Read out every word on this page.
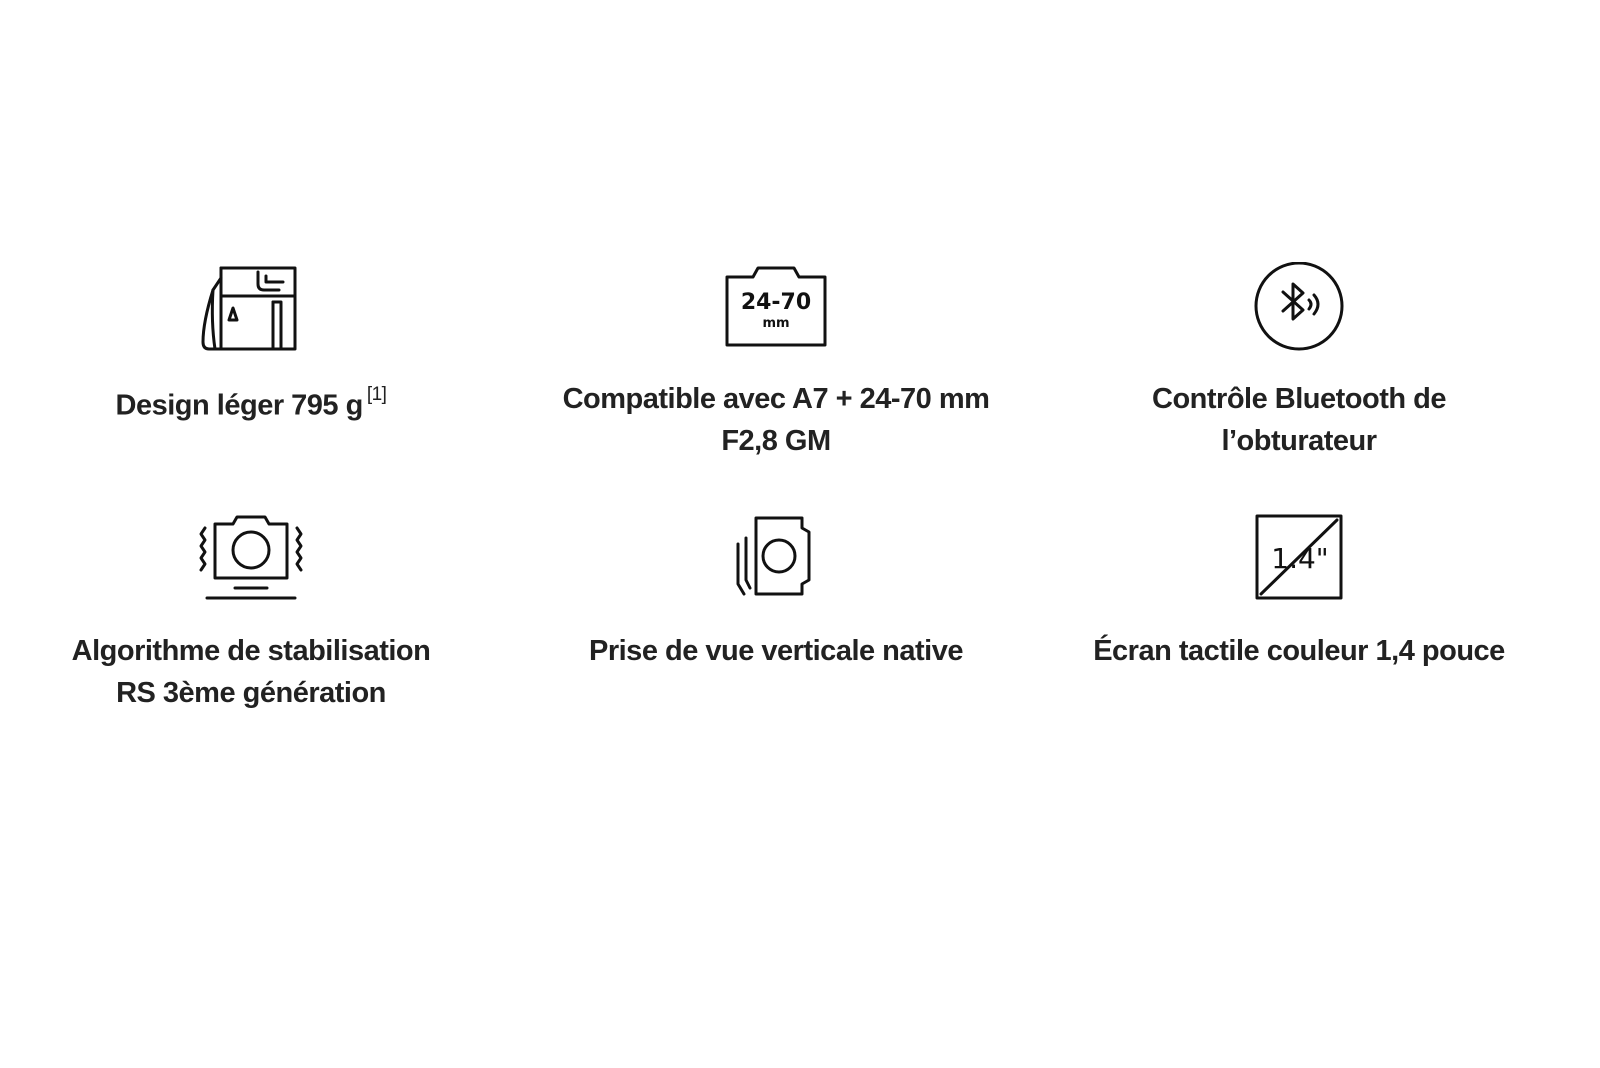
Design léger 795 g [1]
24-70
mm
Compatible avec A7 + 24-70 mm
F2,8 GM
Contrôle Bluetooth de
l’obturateur
Algorithme de stabilisation
RS 3ème génération
Prise de vue verticale native
1.4"
Écran tactile couleur 1,4 pouce
